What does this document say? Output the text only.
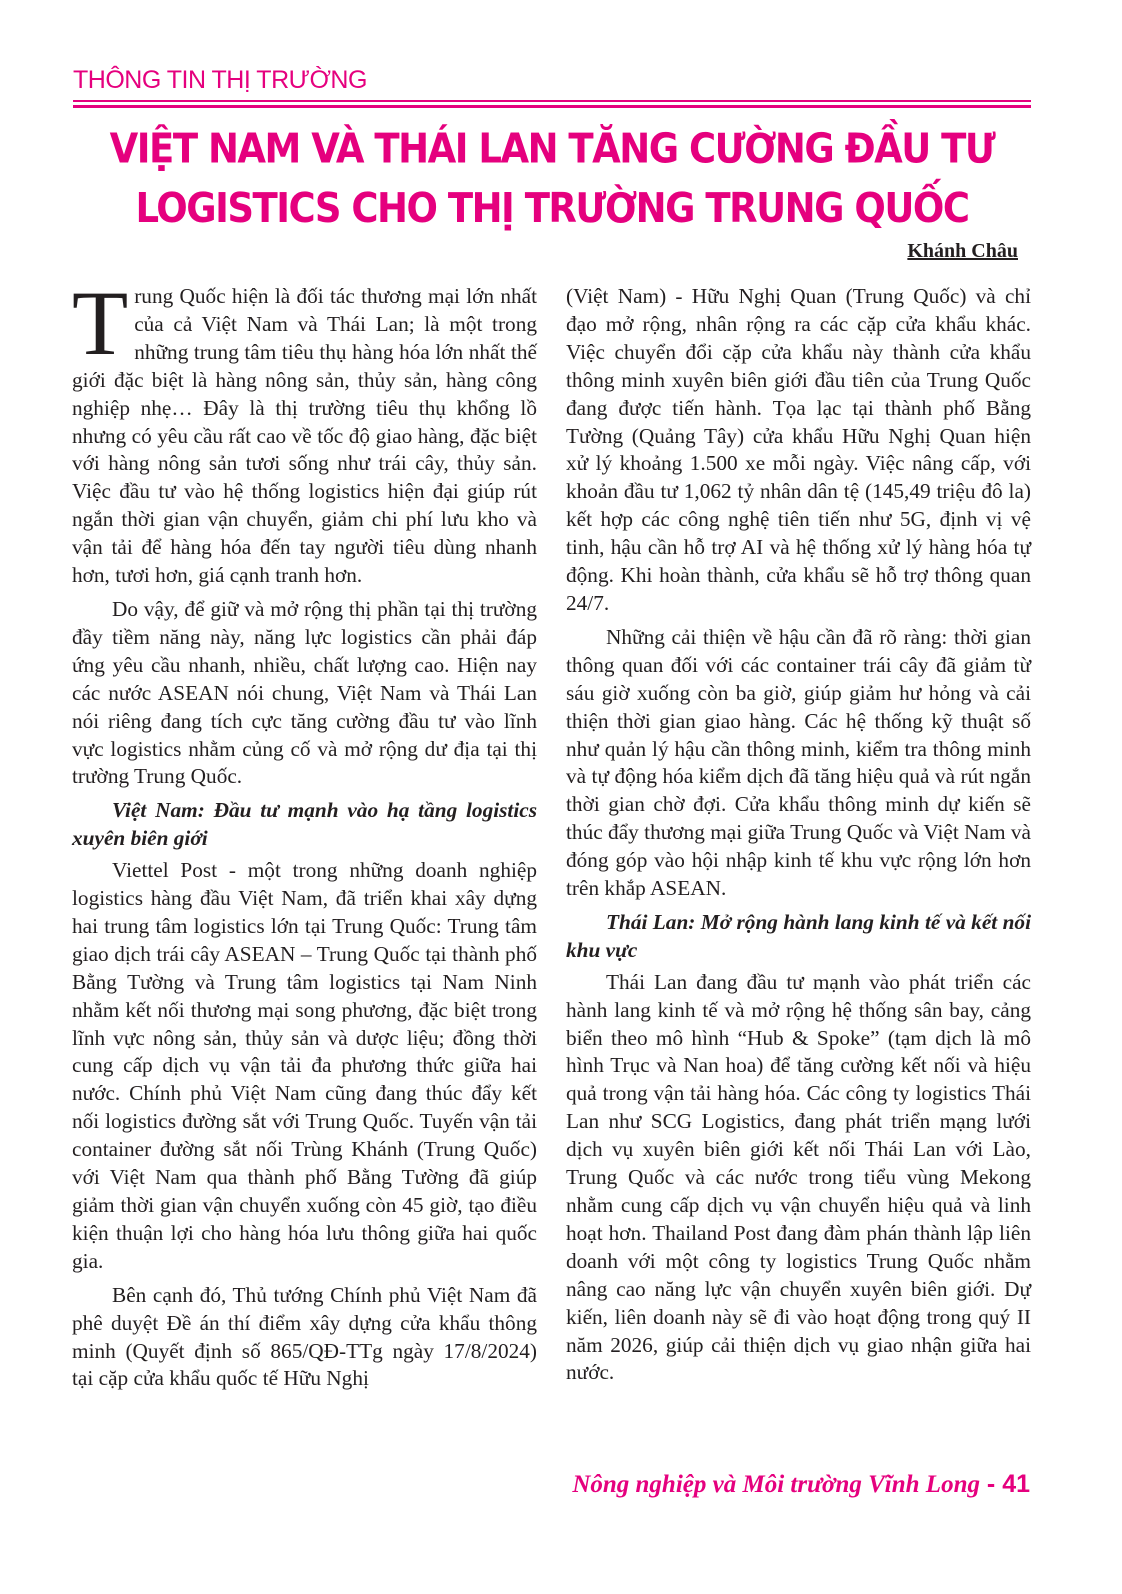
THÔNG TIN THỊ TRƯỜNG
VIỆT NAM VÀ THÁI LAN TĂNG CƯỜNG ĐẦU TƯ
LOGISTICS CHO THỊ TRƯỜNG TRUNG QUỐC
Khánh Châu

Trung Quốc hiện là đối tác thương mại lớn nhất của cả Việt Nam và Thái Lan; là một trong những trung tâm tiêu thụ hàng hóa lớn nhất thế giới đặc biệt là hàng nông sản, thủy sản, hàng công nghiệp nhẹ… Đây là thị trường tiêu thụ khổng lồ nhưng có yêu cầu rất cao về tốc độ giao hàng, đặc biệt với hàng nông sản tươi sống như trái cây, thủy sản. Việc đầu tư vào hệ thống logistics hiện đại giúp rút ngắn thời gian vận chuyển, giảm chi phí lưu kho và vận tải để hàng hóa đến tay người tiêu dùng nhanh hơn, tươi hơn, giá cạnh tranh hơn.

Do vậy, để giữ và mở rộng thị phần tại thị trường đầy tiềm năng này, năng lực logistics cần phải đáp ứng yêu cầu nhanh, nhiều, chất lượng cao. Hiện nay các nước ASEAN nói chung, Việt Nam và Thái Lan nói riêng đang tích cực tăng cường đầu tư vào lĩnh vực logistics nhằm củng cố và mở rộng dư địa tại thị trường Trung Quốc.

Việt Nam: Đầu tư mạnh vào hạ tầng logistics xuyên biên giới

Viettel Post - một trong những doanh nghiệp logistics hàng đầu Việt Nam, đã triển khai xây dựng hai trung tâm logistics lớn tại Trung Quốc: Trung tâm giao dịch trái cây ASEAN – Trung Quốc tại thành phố Bằng Tường và Trung tâm logistics tại Nam Ninh nhằm kết nối thương mại song phương, đặc biệt trong lĩnh vực nông sản, thủy sản và dược liệu; đồng thời cung cấp dịch vụ vận tải đa phương thức giữa hai nước. Chính phủ Việt Nam cũng đang thúc đẩy kết nối logistics đường sắt với Trung Quốc. Tuyến vận tải container đường sắt nối Trùng Khánh (Trung Quốc) với Việt Nam qua thành phố Bằng Tường đã giúp giảm thời gian vận chuyển xuống còn 45 giờ, tạo điều kiện thuận lợi cho hàng hóa lưu thông giữa hai quốc gia.

Bên cạnh đó, Thủ tướng Chính phủ Việt Nam đã phê duyệt Đề án thí điểm xây dựng cửa khẩu thông minh (Quyết định số 865/QĐ-TTg ngày 17/8/2024) tại cặp cửa khẩu quốc tế Hữu Nghị

(Việt Nam) - Hữu Nghị Quan (Trung Quốc) và chỉ đạo mở rộng, nhân rộng ra các cặp cửa khẩu khác. Việc chuyển đổi cặp cửa khẩu này thành cửa khẩu thông minh xuyên biên giới đầu tiên của Trung Quốc đang được tiến hành. Tọa lạc tại thành phố Bằng Tường (Quảng Tây) cửa khẩu Hữu Nghị Quan hiện xử lý khoảng 1.500 xe mỗi ngày. Việc nâng cấp, với khoản đầu tư 1,062 tỷ nhân dân tệ (145,49 triệu đô la) kết hợp các công nghệ tiên tiến như 5G, định vị vệ tinh, hậu cần hỗ trợ AI và hệ thống xử lý hàng hóa tự động. Khi hoàn thành, cửa khẩu sẽ hỗ trợ thông quan 24/7.

Những cải thiện về hậu cần đã rõ ràng: thời gian thông quan đối với các container trái cây đã giảm từ sáu giờ xuống còn ba giờ, giúp giảm hư hỏng và cải thiện thời gian giao hàng. Các hệ thống kỹ thuật số như quản lý hậu cần thông minh, kiểm tra thông minh và tự động hóa kiểm dịch đã tăng hiệu quả và rút ngắn thời gian chờ đợi. Cửa khẩu thông minh dự kiến sẽ thúc đẩy thương mại giữa Trung Quốc và Việt Nam và đóng góp vào hội nhập kinh tế khu vực rộng lớn hơn trên khắp ASEAN.

Thái Lan: Mở rộng hành lang kinh tế và kết nối khu vực

Thái Lan đang đầu tư mạnh vào phát triển các hành lang kinh tế và mở rộng hệ thống sân bay, cảng biển theo mô hình “Hub & Spoke” (tạm dịch là mô hình Trục và Nan hoa) để tăng cường kết nối và hiệu quả trong vận tải hàng hóa. Các công ty logistics Thái Lan như SCG Logistics, đang phát triển mạng lưới dịch vụ xuyên biên giới kết nối Thái Lan với Lào, Trung Quốc và các nước trong tiểu vùng Mekong nhằm cung cấp dịch vụ vận chuyển hiệu quả và linh hoạt hơn. Thailand Post đang đàm phán thành lập liên doanh với một công ty logistics Trung Quốc nhằm nâng cao năng lực vận chuyển xuyên biên giới. Dự kiến, liên doanh này sẽ đi vào hoạt động trong quý II năm 2026, giúp cải thiện dịch vụ giao nhận giữa hai nước.

Nông nghiệp và Môi trường Vĩnh Long - 41
